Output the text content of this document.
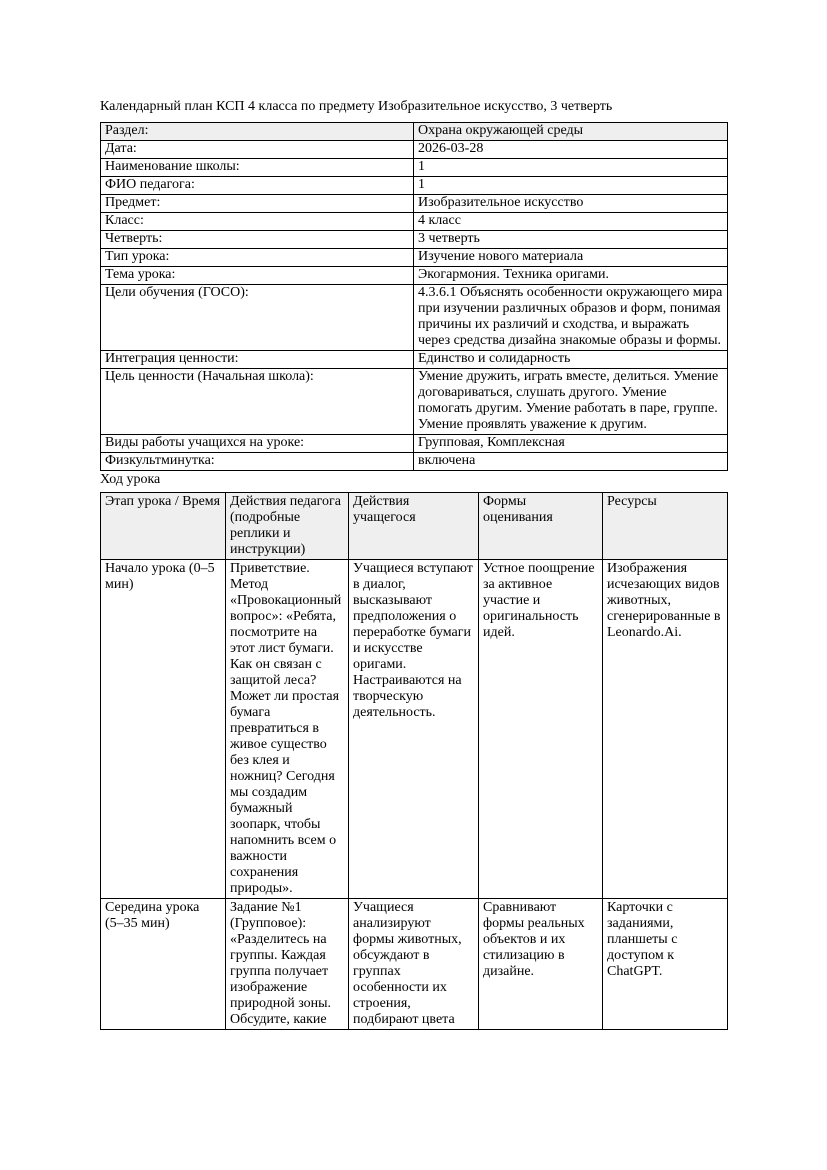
Календарный план КСП 4 класса по предмету Изобразительное искусство, 3 четверть

Раздел:	Охрана окружающей среды
Дата:	2026-03-28
Наименование школы:	1
ФИО педагога:	1
Предмет:	Изобразительное искусство
Класс:	4 класс
Четверть:	3 четверть
Тип урока:	Изучение нового материала
Тема урока:	Экогармония. Техника оригами.
Цели обучения (ГОСО):	4.3.6.1 Объяснять особенности окружающего мира при изучении различных образов и форм, понимая причины их различий и сходства, и выражать через средства дизайна знакомые образы и формы.
Интеграция ценности:	Единство и солидарность
Цель ценности (Начальная школа):	Умение дружить, играть вместе, делиться. Умение договариваться, слушать другого. Умение помогать другим. Умение работать в паре, группе. Умение проявлять уважение к другим.
Виды работы учащихся на уроке:	Групповая, Комплексная
Физкультминутка:	включена

Ход урока

Этап урока / Время	Действия педагога (подробные реплики и инструкции)	Действия учащегося	Формы оценивания	Ресурсы
Начало урока (0–5 мин)	Приветствие. Метод «Провокационный вопрос»: «Ребята, посмотрите на этот лист бумаги. Как он связан с защитой леса? Может ли простая бумага превратиться в живое существо без клея и ножниц? Сегодня мы создадим бумажный зоопарк, чтобы напомнить всем о важности сохранения природы».	Учащиеся вступают в диалог, высказывают предположения о переработке бумаги и искусстве оригами. Настраиваются на творческую деятельность.	Устное поощрение за активное участие и оригинальность идей.	Изображения исчезающих видов животных, сгенерированные в Leonardo.Ai.
Середина урока (5–35 мин)	Задание №1 (Групповое): «Разделитесь на группы. Каждая группа получает изображение природной зоны. Обсудите, какие	Учащиеся анализируют формы животных, обсуждают в группах особенности их строения, подбирают цвета	Сравнивают формы реальных объектов и их стилизацию в дизайне.	Карточки с заданиями, планшеты с доступом к ChatGPT.
